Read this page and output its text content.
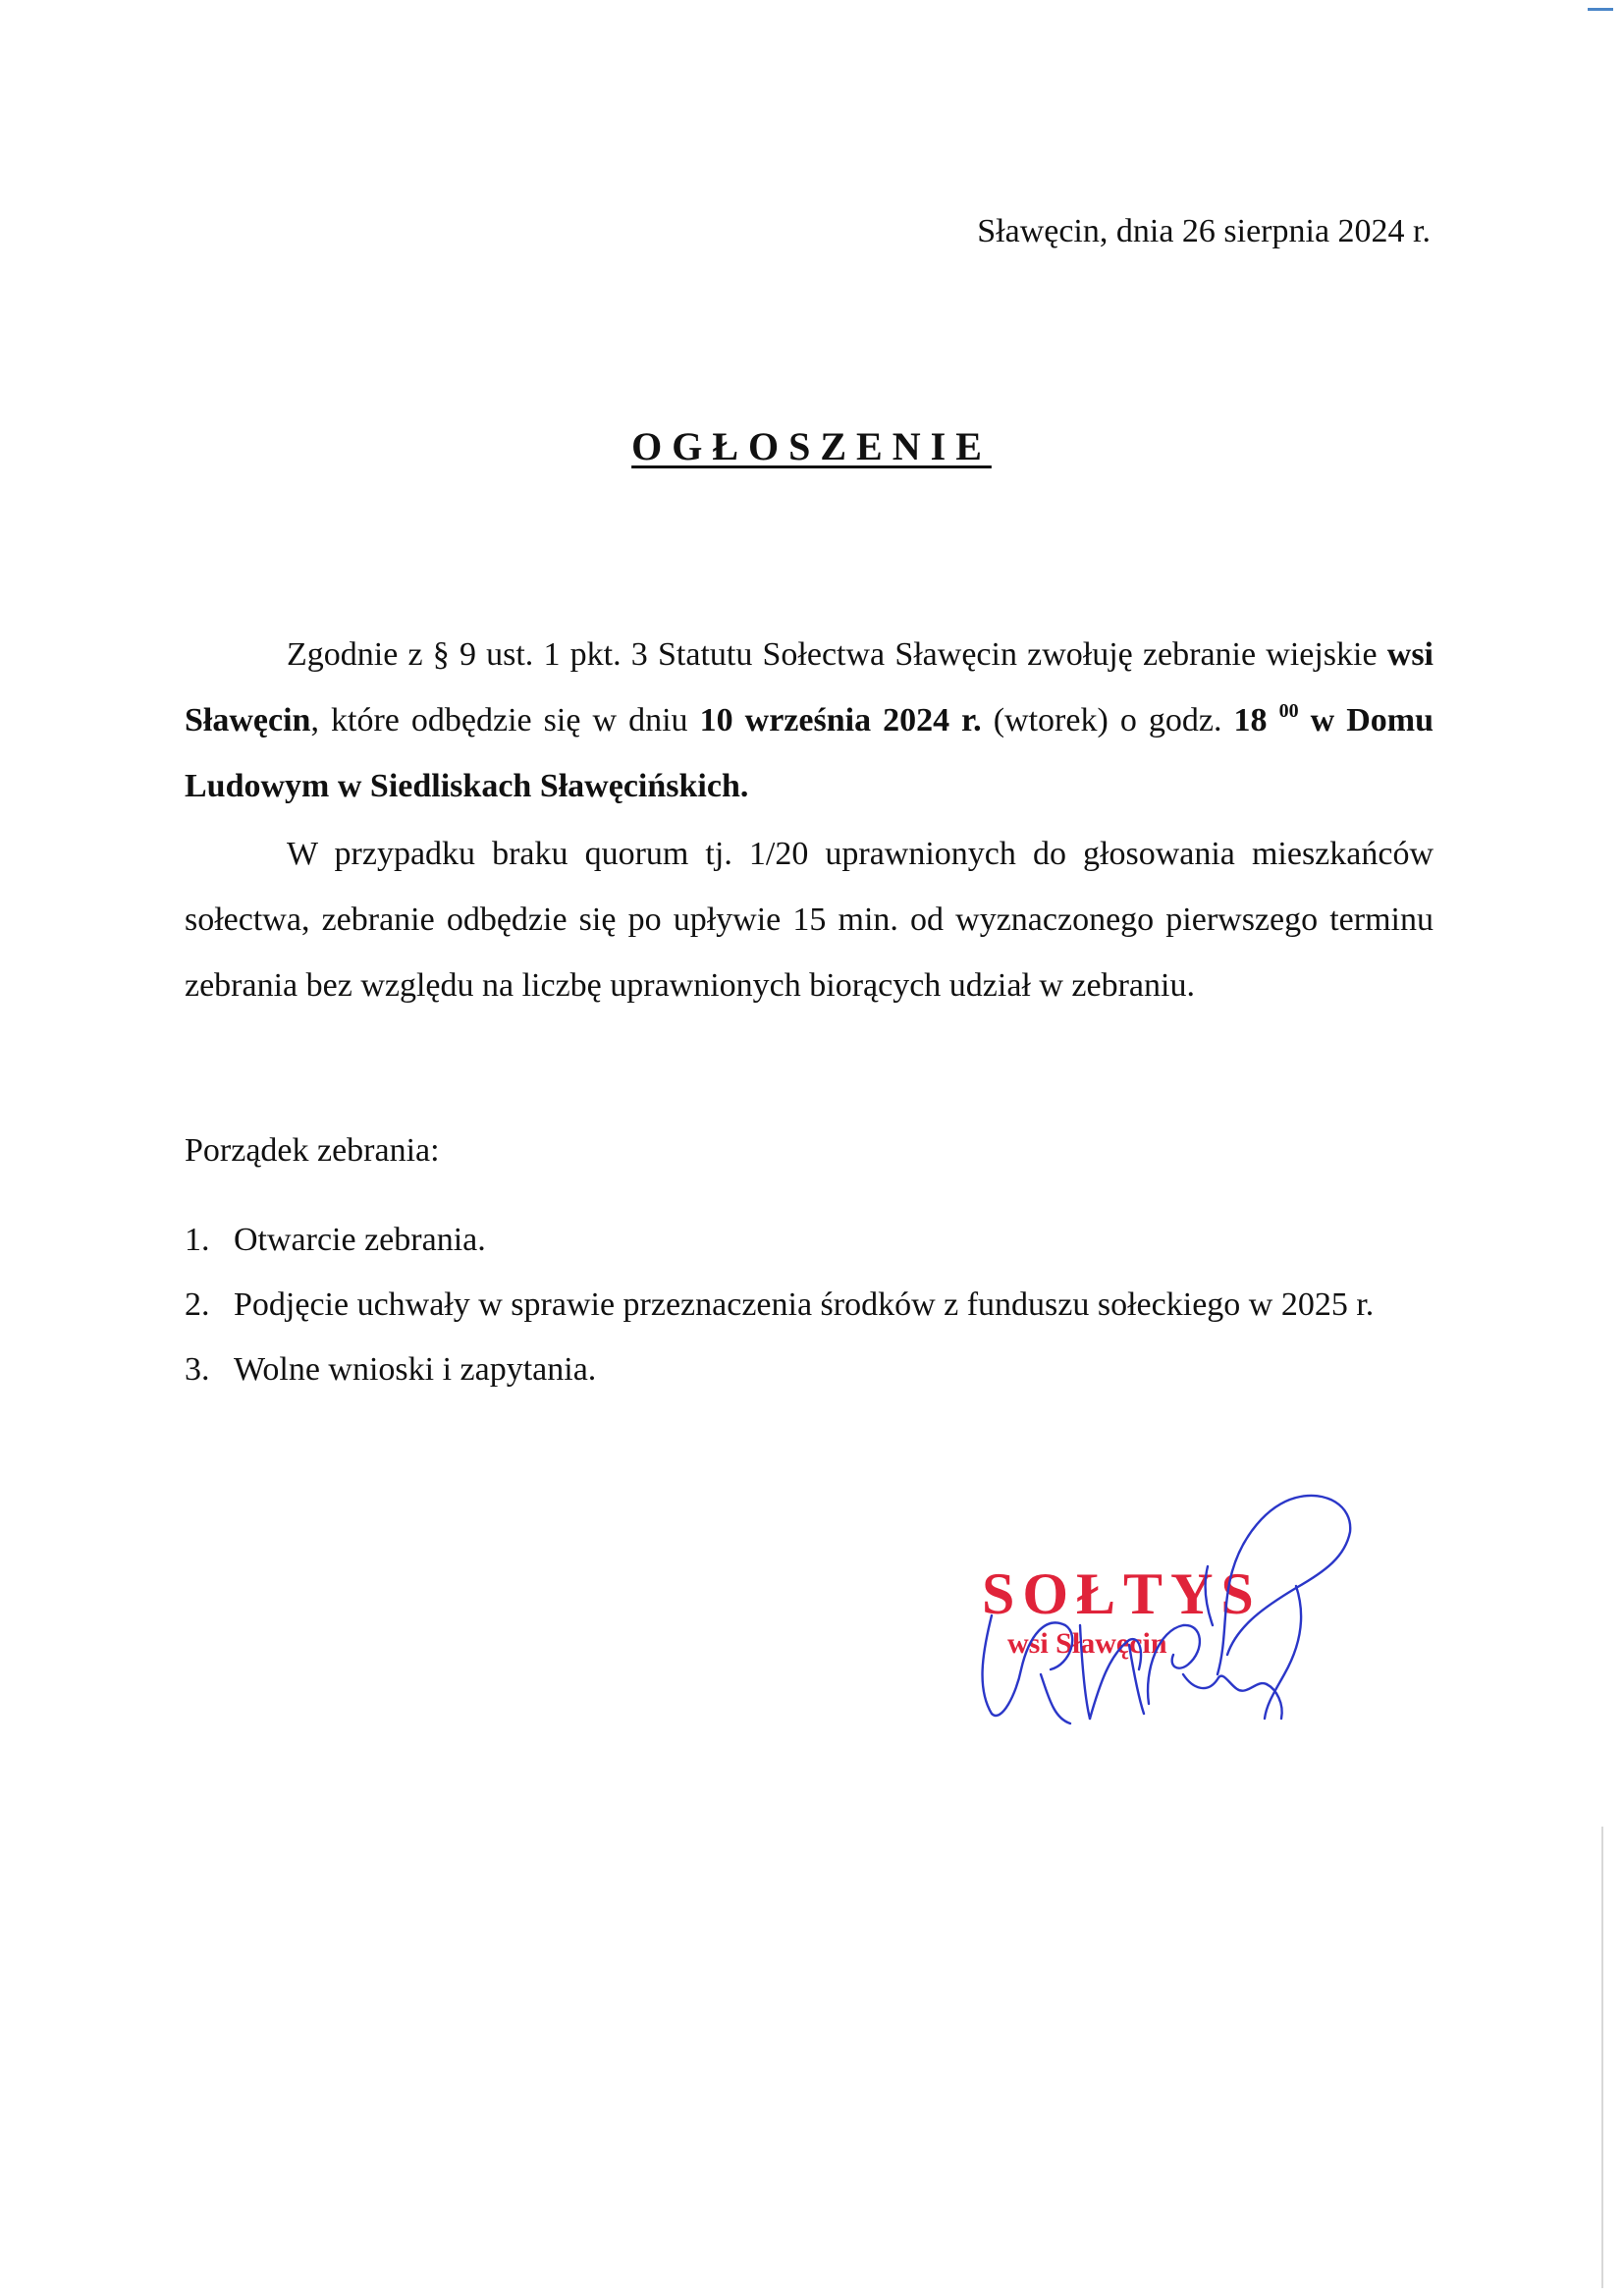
Sławęcin, dnia 26 sierpnia 2024 r.
OGŁOSZENIE
Zgodnie z § 9 ust. 1 pkt. 3 Statutu Sołectwa Sławęcin zwołuję zebranie wiejskie wsi Sławęcin, które odbędzie się w dniu 10 września 2024 r. (wtorek) o godz. 18 $^{00}$ w Domu Ludowym w Siedliskach Sławęcińskich.
W przypadku braku quorum tj. 1/20 uprawnionych do głosowania mieszkańców sołectwa, zebranie odbędzie się po upływie 15 min. od wyznaczonego pierwszego terminu zebrania bez względu na liczbę uprawnionych biorących udział w zebraniu.
Porządek zebrania:
1. Otwarcie zebrania.
2. Podjęcie uchwały w sprawie przeznaczenia środków z funduszu sołeckiego w 2025 r.
3. Wolne wnioski i zapytania.
SOŁTYS
wsi Sławęcin
